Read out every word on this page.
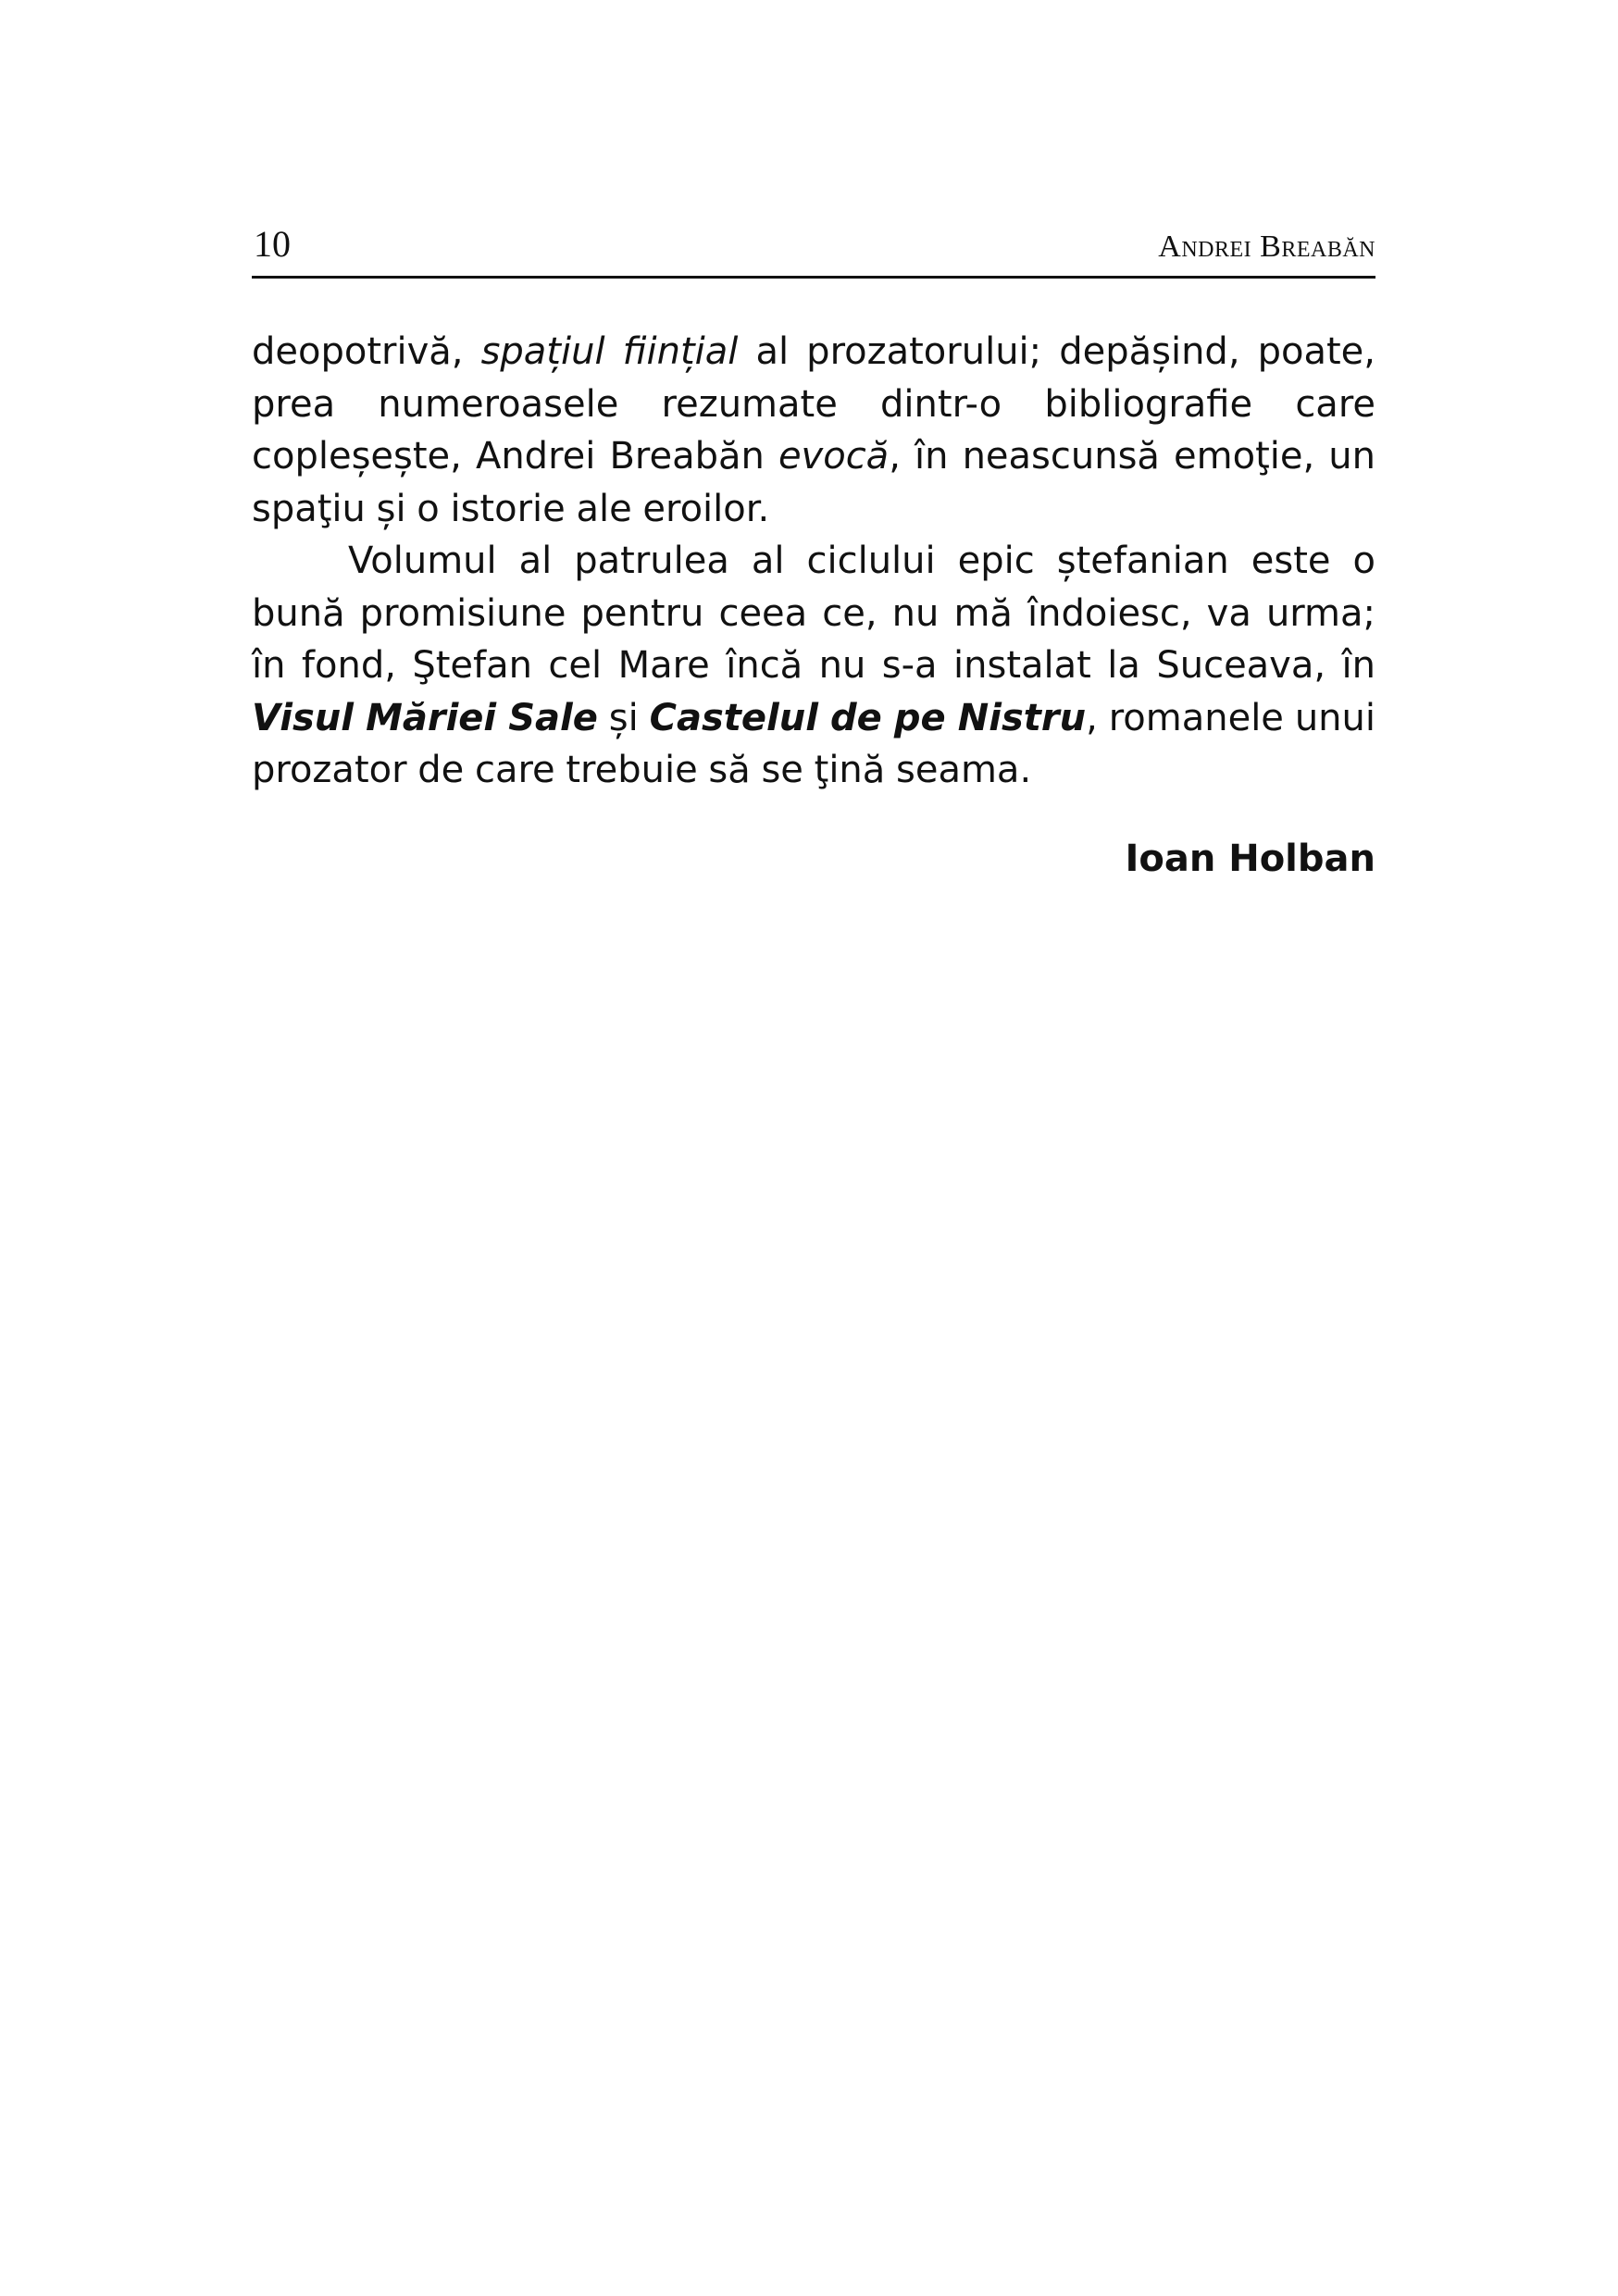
10	Andrei Breabăn

deopotrivă, spațiul ființial al prozatorului; depășind, poate, prea numeroasele rezumate dintr-o bibliografie care copleșește, Andrei Breabăn evocă, în neascunsă emoţie, un spaţiu și o istorie ale eroilor.

Volumul al patrulea al ciclului epic ștefanian este o bună promisiune pentru ceea ce, nu mă îndoiesc, va urma; în fond, Ştefan cel Mare încă nu s-a instalat la Suceava, în Visul Măriei Sale și Castelul de pe Nistru, romanele unui prozator de care trebuie să se ţină seama.

Ioan Holban
